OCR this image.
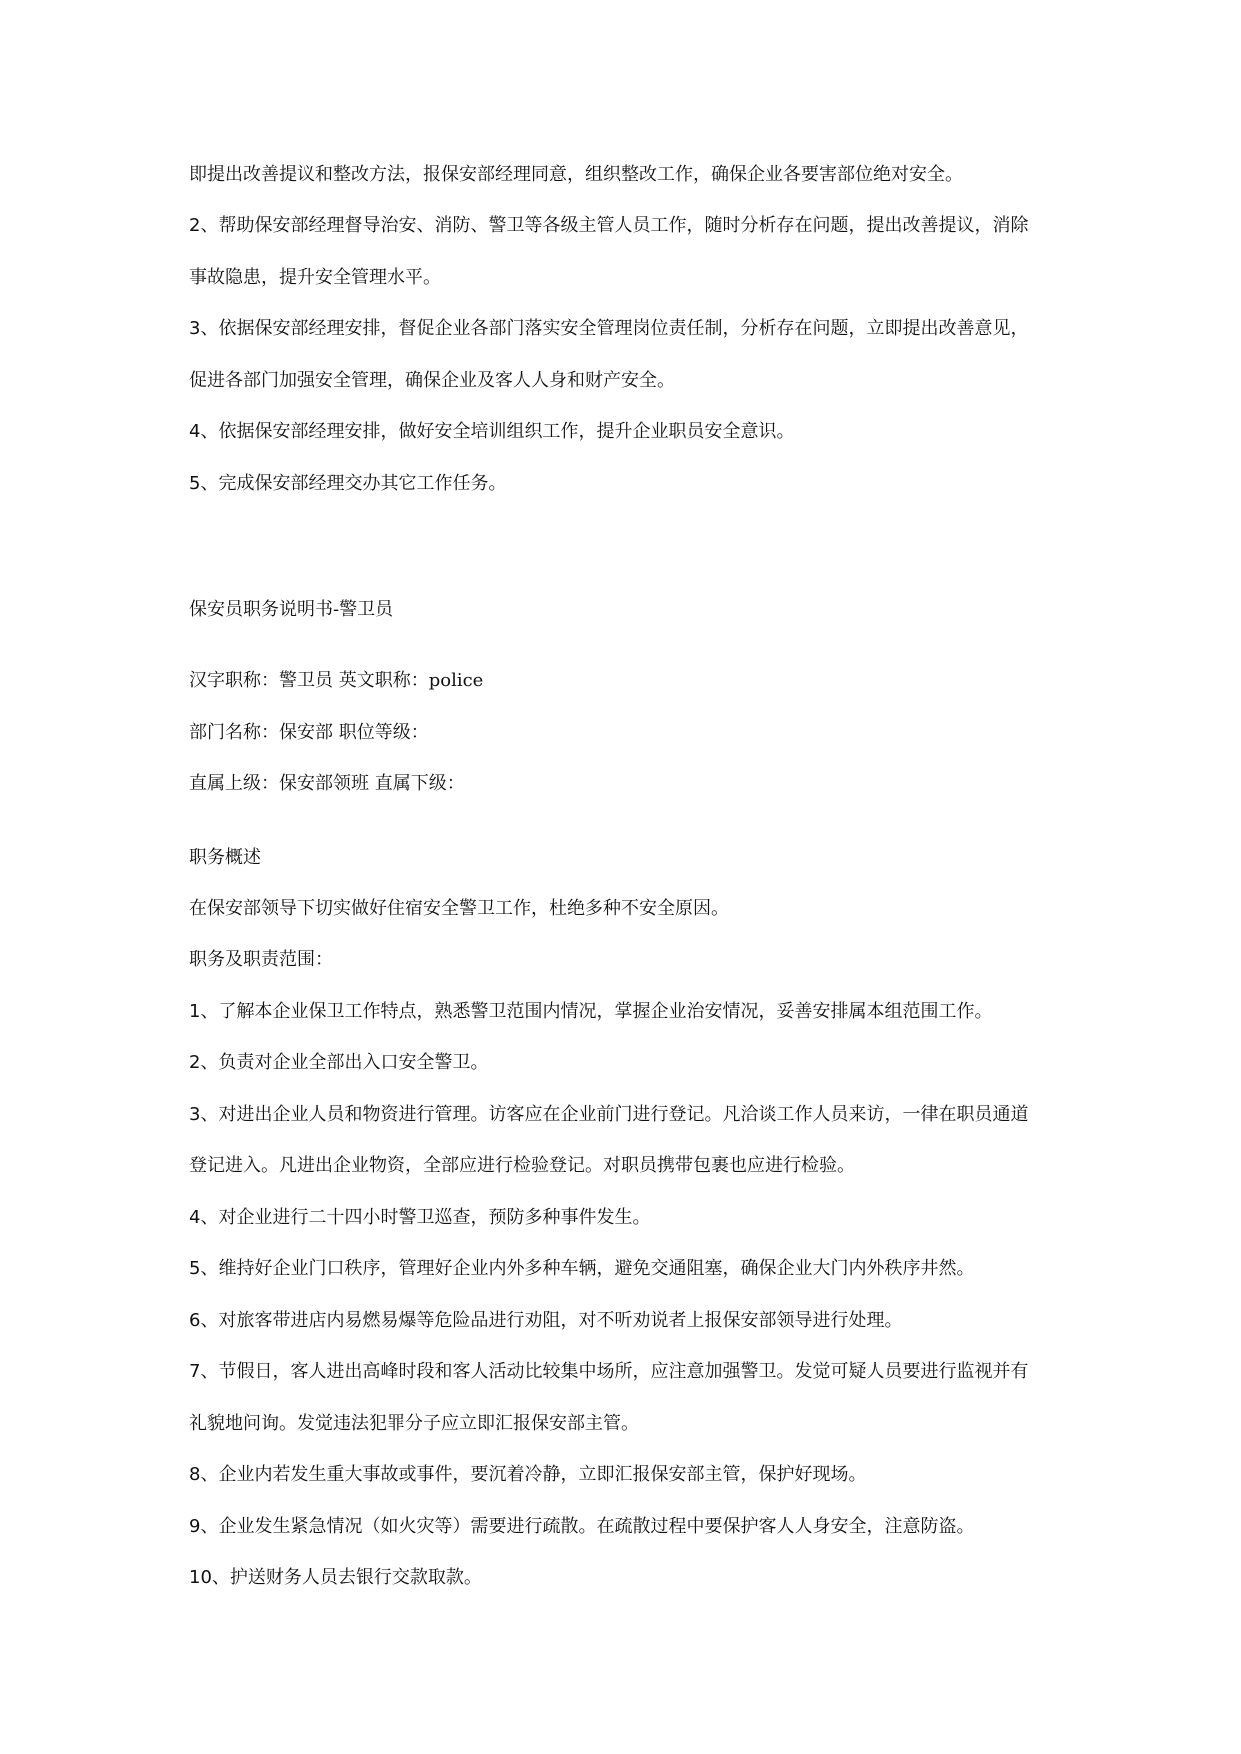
即提出改善提议和整改方法，报保安部经理同意，组织整改工作，确保企业各要害部位绝对安全。
2、帮助保安部经理督导治安、消防、警卫等各级主管人员工作，随时分析存在问题，提出改善提议，消除
事故隐患，提升安全管理水平。
3、依据保安部经理安排，督促企业各部门落实安全管理岗位责任制，分析存在问题，立即提出改善意见，
促进各部门加强安全管理，确保企业及客人人身和财产安全。
4、依据保安部经理安排，做好安全培训组织工作，提升企业职员安全意识。
5、完成保安部经理交办其它工作任务。
保安员职务说明书-警卫员
汉字职称：警卫员 英文职称：police
部门名称：保安部 职位等级：
直属上级：保安部领班 直属下级：
职务概述
在保安部领导下切实做好住宿安全警卫工作，杜绝多种不安全原因。
职务及职责范围：
1、了解本企业保卫工作特点，熟悉警卫范围内情况，掌握企业治安情况，妥善安排属本组范围工作。
2、负责对企业全部出入口安全警卫。
3、对进出企业人员和物资进行管理。访客应在企业前门进行登记。凡洽谈工作人员来访，一律在职员通道
登记进入。凡进出企业物资，全部应进行检验登记。对职员携带包裹也应进行检验。
4、对企业进行二十四小时警卫巡查，预防多种事件发生。
5、维持好企业门口秩序，管理好企业内外多种车辆，避免交通阻塞，确保企业大门内外秩序井然。
6、对旅客带进店内易燃易爆等危险品进行劝阻，对不听劝说者上报保安部领导进行处理。
7、节假日，客人进出高峰时段和客人活动比较集中场所，应注意加强警卫。发觉可疑人员要进行监视并有
礼貌地问询。发觉违法犯罪分子应立即汇报保安部主管。
8、企业内若发生重大事故或事件，要沉着冷静，立即汇报保安部主管，保护好现场。
9、企业发生紧急情况（如火灾等）需要进行疏散。在疏散过程中要保护客人人身安全，注意防盗。
10、护送财务人员去银行交款取款。
